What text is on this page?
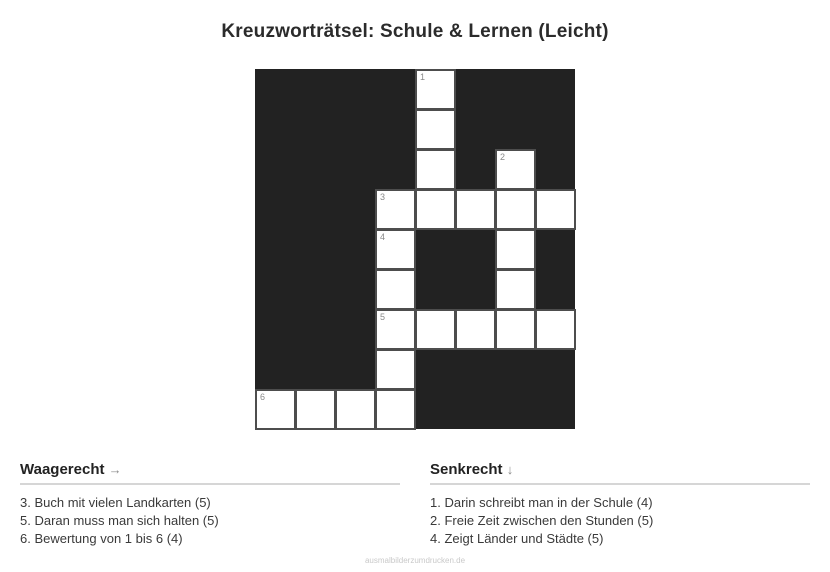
Kreuzworträtsel: Schule & Lernen (Leicht)
1
2
3
4
5
6
Waagerecht →
3. Buch mit vielen Landkarten (5)
5. Daran muss man sich halten (5)
6. Bewertung von 1 bis 6 (4)
Senkrecht ↓
1. Darin schreibt man in der Schule (4)
2. Freie Zeit zwischen den Stunden (5)
4. Zeigt Länder und Städte (5)
ausmalbilderzumdrucken.de
